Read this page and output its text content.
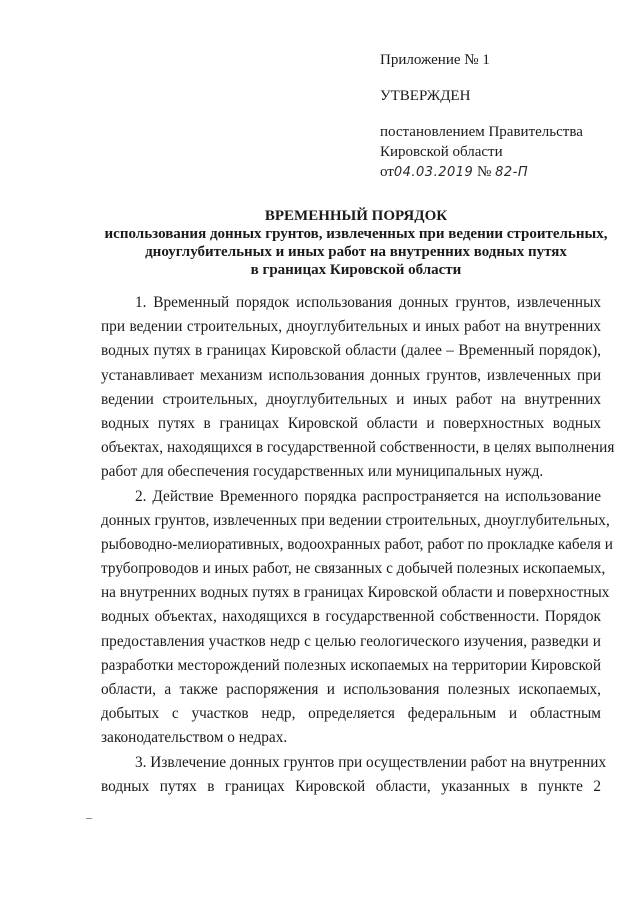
Приложение № 1
УТВЕРЖДЕН
постановлением Правительства
Кировской области
от04.03.2019 № 82-П
ВРЕМЕННЫЙ ПОРЯДОК
использования донных грунтов, извлеченных при ведении строительных,
дноуглубительных и иных работ на внутренних водных путях
в границах Кировской области
1. Временный порядок использования донных грунтов, извлеченных
при ведении строительных, дноуглубительных и иных работ на внутренних
водных путях в границах Кировской области (далее – Временный порядок),
устанавливает механизм использования донных грунтов, извлеченных при
ведении строительных, дноуглубительных и иных работ на внутренних
водных путях в границах Кировской области и поверхностных водных
объектах, находящихся в государственной собственности, в целях выполнения
работ для обеспечения государственных или муниципальных нужд.
2. Действие Временного порядка распространяется на использование
донных грунтов, извлеченных при ведении строительных, дноуглубительных,
рыбоводно-мелиоративных, водоохранных работ, работ по прокладке кабеля и
трубопроводов и иных работ, не связанных с добычей полезных ископаемых,
на внутренних водных путях в границах Кировской области и поверхностных
водных объектах, находящихся в государственной собственности. Порядок
предоставления участков недр с целью геологического изучения, разведки и
разработки месторождений полезных ископаемых на территории Кировской
области, а также распоряжения и использования полезных ископаемых,
добытых с участков недр, определяется федеральным и областным
законодательством о недрах.
3. Извлечение донных грунтов при осуществлении работ на внутренних
водных путях в границах Кировской области, указанных в пункте 2
–
